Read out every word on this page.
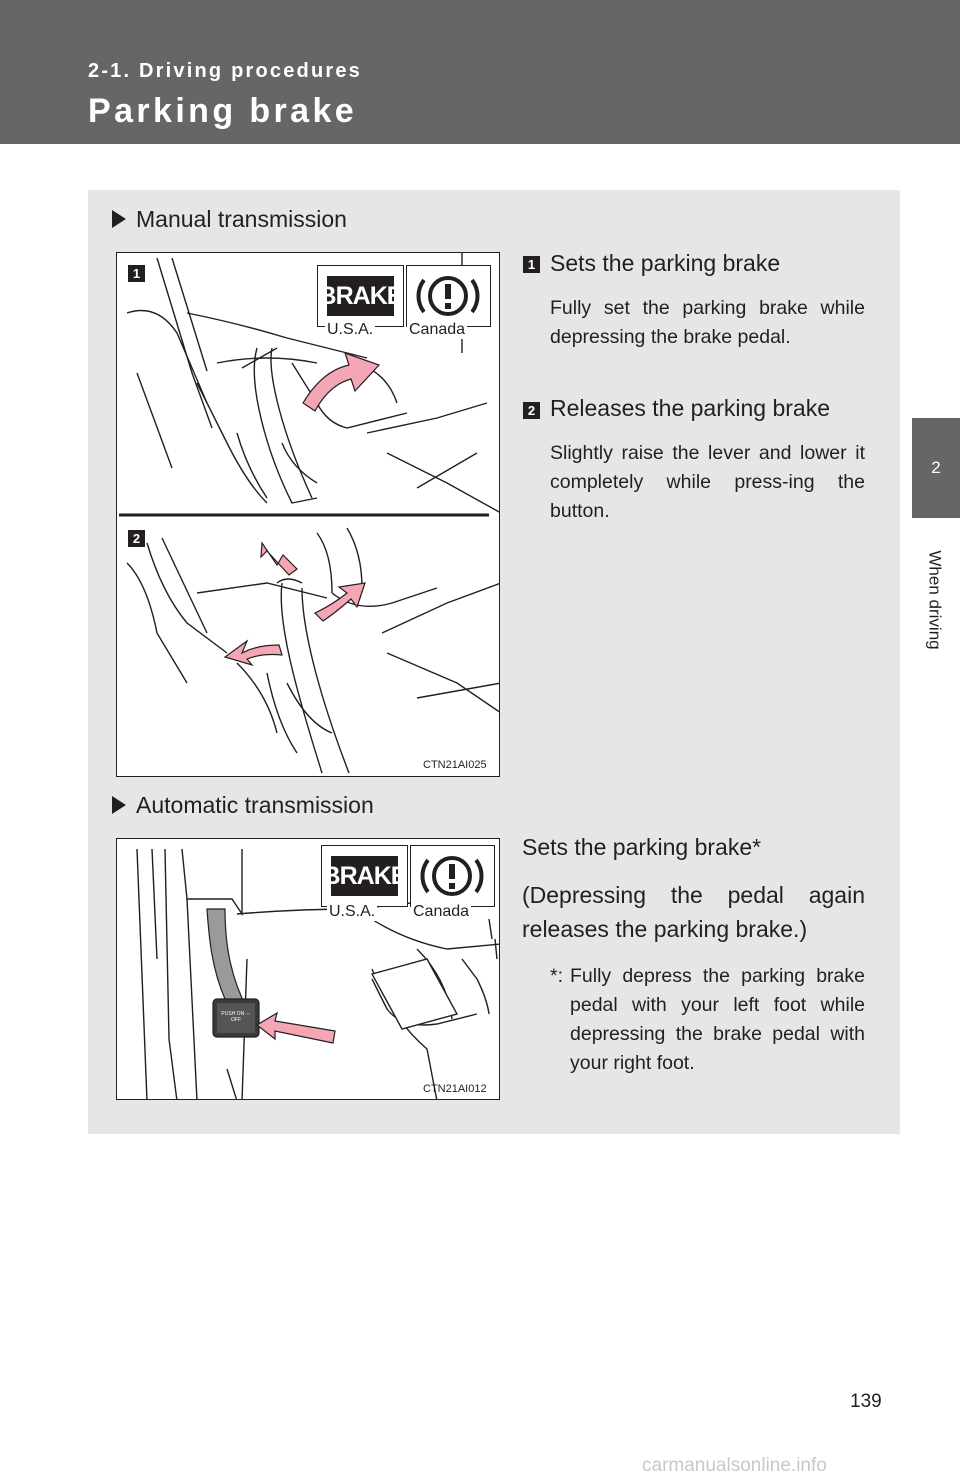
2-1. Driving procedures
Parking brake
2
When driving
Manual transmission
1
2
BRAKE
U.S.A. Canada
CTN21AI025
1 Sets the parking brake
Fully set the parking brake while depressing the brake pedal.
2 Releases the parking brake
Slightly raise the lever and lower it completely while press-ing the button.
Automatic transmission
PUSH ON ⇔ OFF
BRAKE
U.S.A. Canada
CTN21AI012
Sets the parking brake*
(Depressing the pedal again releases the parking brake.)
*: Fully depress the parking brake pedal with your left foot while depressing the brake pedal with your right foot.
139
carmanualsonline.info
